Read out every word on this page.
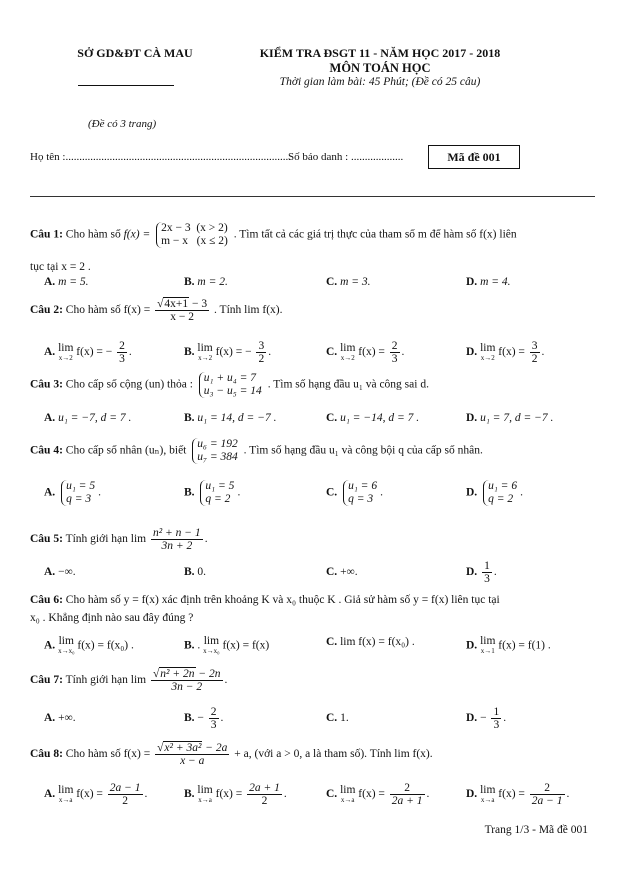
SỞ GD&ĐT CÀ MAU	KIỂM TRA ĐSGT 11 - NĂM HỌC 2017 - 2018
MÔN TOÁN HỌC
Thời gian làm bài: 45 Phút; (Đề có 25 câu)
(Đề có 3 trang)
Họ tên :..................................................................................
Số báo danh : ...................	Mã đề 001
Câu 1: Cho hàm số f(x) = 2x − 3  (x > 2)
m − x   (x ≤ 2) . Tìm tất cả các giá trị thực của tham số m để hàm số f(x) liên
tục tại x = 2 .
A. m = 5.	B. m = 2.	C. m = 3.	D. m = 4.
Câu 2: Cho hàm số $f(x) = \frac{√4x+1 - 3}{x - 2}$ . Tính lim f(x).
A. lim
x→2 f(x) = − $\frac{2}{3}$ .	B. lim
x→2 f(x) = − $\frac{3}{2}$ .	C. lim
x→2 $f(x) = \frac{2}{3}$ .	D. lim
x→2 $f(x) = \frac{3}{2}$ .
Câu 3: Cho cấp số cộng (un) thỏa : u₁ + u₄ = 7
u₃ − u₅ = 14 . Tìm số hạng đầu u₁ và công sai d.
A. u₁ = −7, d = 7 .	B. u₁ = 14, d = −7 .	C. u₁ = −14, d = 7 .	D. u₁ = 7, d = −7 .
Câu 4: Cho cấp số nhân (uₙ), biết u₆ = 192
u₇ = 384 . Tìm số hạng đầu u₁ và công bội q của cấp số nhân.
A. u₁ = 5
q = 3.	B. u₁ = 5
q = 2.	C. u₁ = 6
q = 3.	D. u₁ = 6
q = 2.
Câu 5: Tính giới hạn $\lim \frac{\text{n² + n − 1}}{3n + 2}$ .
A. −∞.	B. 0.	C. +∞.	D. $\frac{1}{3}$ .
Câu 6: Cho hàm số y = f(x) xác định trên khoảng K và x₀ thuộc K . Giả sử hàm số y = f(x) liên tục tại
x₀ . Khẳng định nào sau đây đúng ?
A. lim
x→x₀ f(x) = f(x₀) .	B. . lim
x→x₀ f(x) = f(x)	C. lim f(x) = f(x₀) .	D. lim
x→1 f(x) = f(1) .
Câu 7: Tính giới hạn $\lim \frac{\text{√n² + 2n − 2n}}{3n - 2}$ .
A. +∞.	B. − $\frac{2}{3}$ .	C. 1.	D. − $\frac{1}{3}$ .
Câu 8: Cho hàm số $f(x) = \frac{\text{√x² + 3a² − 2a}}{x - a} + a$, (với a > 0, a là tham số). Tính lim f(x).
A. lim
x→a $f(x) = \frac{2a - 1}{2}$ .	B. lim
x→a $f(x) = \frac{2a + 1}{2}$ .	C. lim
x→a $f(x) = \frac{2}{2a + 1}$ .	D. lim
x→a $f(x) = \frac{2}{2a - 1}$ .
Trang 1/3 - Mã đề 001
